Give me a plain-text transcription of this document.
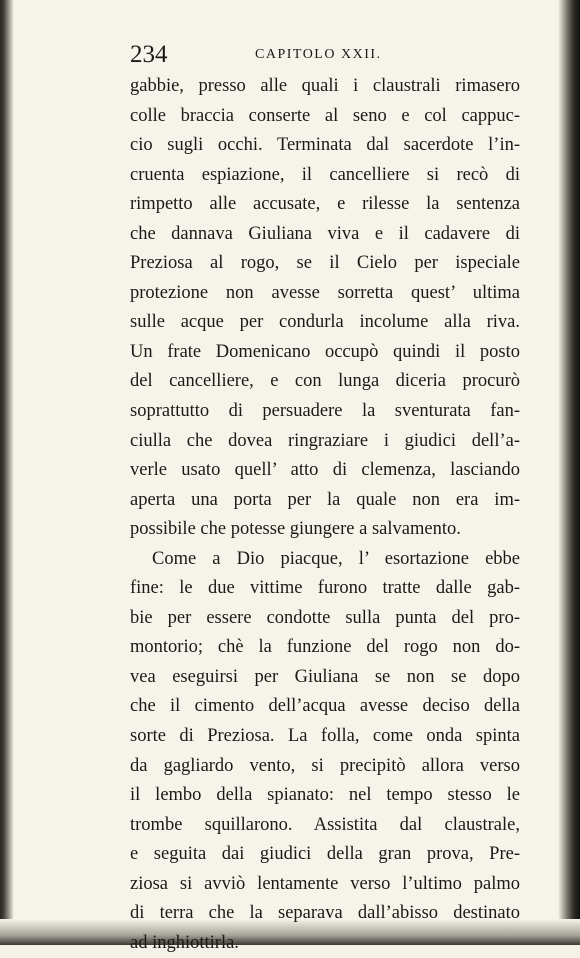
234	CAPITOLO XXII.
gabbie, presso alle quali i claustrali rimasero
colle braccia conserte al seno e col cappuc-
cio sugli occhi. Terminata dal sacerdote l’in-
cruenta espiazione, il cancelliere si recò di
rimpetto alle accusate, e rilesse la sentenza
che dannava Giuliana viva e il cadavere di
Preziosa al rogo, se il Cielo per ispeciale
protezione non avesse sorretta quest’ ultima
sulle acque per condurla incolume alla riva.
Un frate Domenicano occupò quindi il posto
del cancelliere, e con lunga diceria procurò
soprattutto di persuadere la sventurata fan-
ciulla che dovea ringraziare i giudici dell’a-
verle usato quell’ atto di clemenza, lasciando
aperta una porta per la quale non era im-
possibile che potesse giungere a salvamento.
Come a Dio piacque, l’ esortazione ebbe
fine: le due vittime furono tratte dalle gab-
bie per essere condotte sulla punta del pro-
montorio; chè la funzione del rogo non do-
vea eseguirsi per Giuliana se non se dopo
che il cimento dell’acqua avesse deciso della
sorte di Preziosa. La folla, come onda spinta
da gagliardo vento, si precipitò allora verso
il lembo della spianato: nel tempo stesso le
trombe squillarono. Assistita dal claustrale,
e seguita dai giudici della gran prova, Pre-
ziosa si avviò lentamente verso l’ultimo palmo
di terra che la separava dall’abisso destinato
ad inghiottirla.
